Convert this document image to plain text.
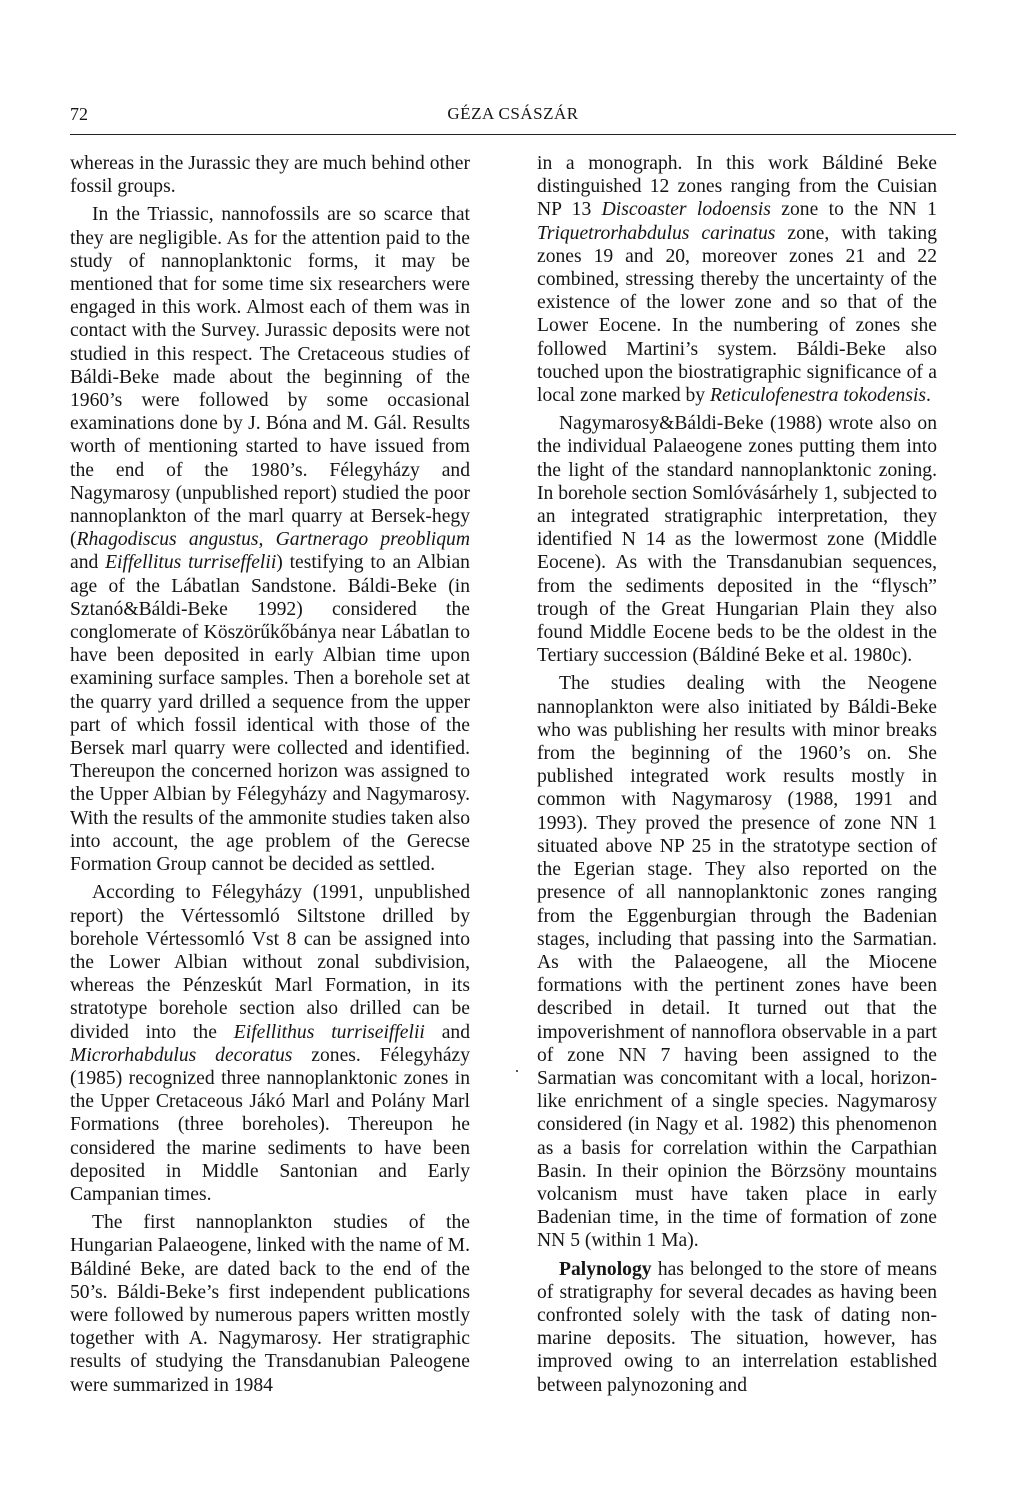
72	GÉZA CSÁSZÁR

whereas in the Jurassic they are much behind other fossil groups.

In the Triassic, nannofossils are so scarce that they are negligible. As for the attention paid to the study of nannoplanktonic forms, it may be mentioned that for some time six researchers were engaged in this work. Almost each of them was in contact with the Survey. Jurassic deposits were not studied in this respect. The Cretaceous studies of Báldi-Beke made about the beginning of the 1960’s were followed by some occasional examinations done by J. Bóna and M. Gál. Results worth of mentioning started to have issued from the end of the 1980’s. Félegyházy and Nagymarosy (unpublished report) studied the poor nannoplankton of the marl quarry at Bersek-hegy (Rhagodiscus angustus, Gartnerago preobliqum and Eiffellitus turriseffelii) testifying to an Albian age of the Lábatlan Sandstone. Báldi-Beke (in Sztanó&Báldi-Beke 1992) considered the conglomerate of Köszörűkőbánya near Lábatlan to have been deposited in early Albian time upon examining surface samples. Then a borehole set at the quarry yard drilled a sequence from the upper part of which fossil identical with those of the Bersek marl quarry were collected and identified. Thereupon the concerned horizon was assigned to the Upper Albian by Félegyházy and Nagymarosy. With the results of the ammonite studies taken also into account, the age problem of the Gerecse Formation Group cannot be decided as settled.

According to Félegyházy (1991, unpublished report) the Vértessomló Siltstone drilled by borehole Vértessomló Vst 8 can be assigned into the Lower Albian without zonal subdivision, whereas the Pénzeskút Marl Formation, in its stratotype borehole section also drilled can be divided into the Eifellithus turriseiffelii and Microrhabdulus decoratus zones. Félegyházy (1985) recognized three nannoplanktonic zones in the Upper Cretaceous Jákó Marl and Polány Marl Formations (three boreholes). Thereupon he considered the marine sediments to have been deposited in Middle Santonian and Early Campanian times.

The first nannoplankton studies of the Hungarian Palaeogene, linked with the name of M. Báldiné Beke, are dated back to the end of the 50’s. Báldi-Beke’s first independent publications were followed by numerous papers written mostly together with A. Nagymarosy. Her stratigraphic results of studying the Transdanubian Paleogene were summarized in 1984

in a monograph. In this work Báldiné Beke distinguished 12 zones ranging from the Cuisian NP 13 Discoaster lodoensis zone to the NN 1 Triquetrorhabdulus carinatus zone, with taking zones 19 and 20, moreover zones 21 and 22 combined, stressing thereby the uncertainty of the existence of the lower zone and so that of the Lower Eocene. In the numbering of zones she followed Martini’s system. Báldi-Beke also touched upon the biostratigraphic significance of a local zone marked by Reticulofenestra tokodensis.

Nagymarosy&Báldi-Beke (1988) wrote also on the individual Palaeogene zones putting them into the light of the standard nannoplanktonic zoning. In borehole section Somlóvásárhely 1, subjected to an integrated stratigraphic interpretation, they identified N 14 as the lowermost zone (Middle Eocene). As with the Transdanubian sequences, from the sediments deposited in the “flysch” trough of the Great Hungarian Plain they also found Middle Eocene beds to be the oldest in the Tertiary succession (Báldiné Beke et al. 1980c).

The studies dealing with the Neogene nannoplankton were also initiated by Báldi-Beke who was publishing her results with minor breaks from the beginning of the 1960’s on. She published integrated work results mostly in common with Nagymarosy (1988, 1991 and 1993). They proved the presence of zone NN 1 situated above NP 25 in the stratotype section of the Egerian stage. They also reported on the presence of all nannoplanktonic zones ranging from the Eggenburgian through the Badenian stages, including that passing into the Sarmatian. As with the Palaeogene, all the Miocene formations with the pertinent zones have been described in detail. It turned out that the impoverishment of nannoflora observable in a part of zone NN 7 having been assigned to the Sarmatian was concomitant with a local, horizon-like enrichment of a single species. Nagymarosy considered (in Nagy et al. 1982) this phenomenon as a basis for correlation within the Carpathian Basin. In their opinion the Börzsöny mountains volcanism must have taken place in early Badenian time, in the time of formation of zone NN 5 (within 1 Ma).

Palynology has belonged to the store of means of stratigraphy for several decades as having been confronted solely with the task of dating non-marine deposits. The situation, however, has improved owing to an interrelation established between palynozoning and
